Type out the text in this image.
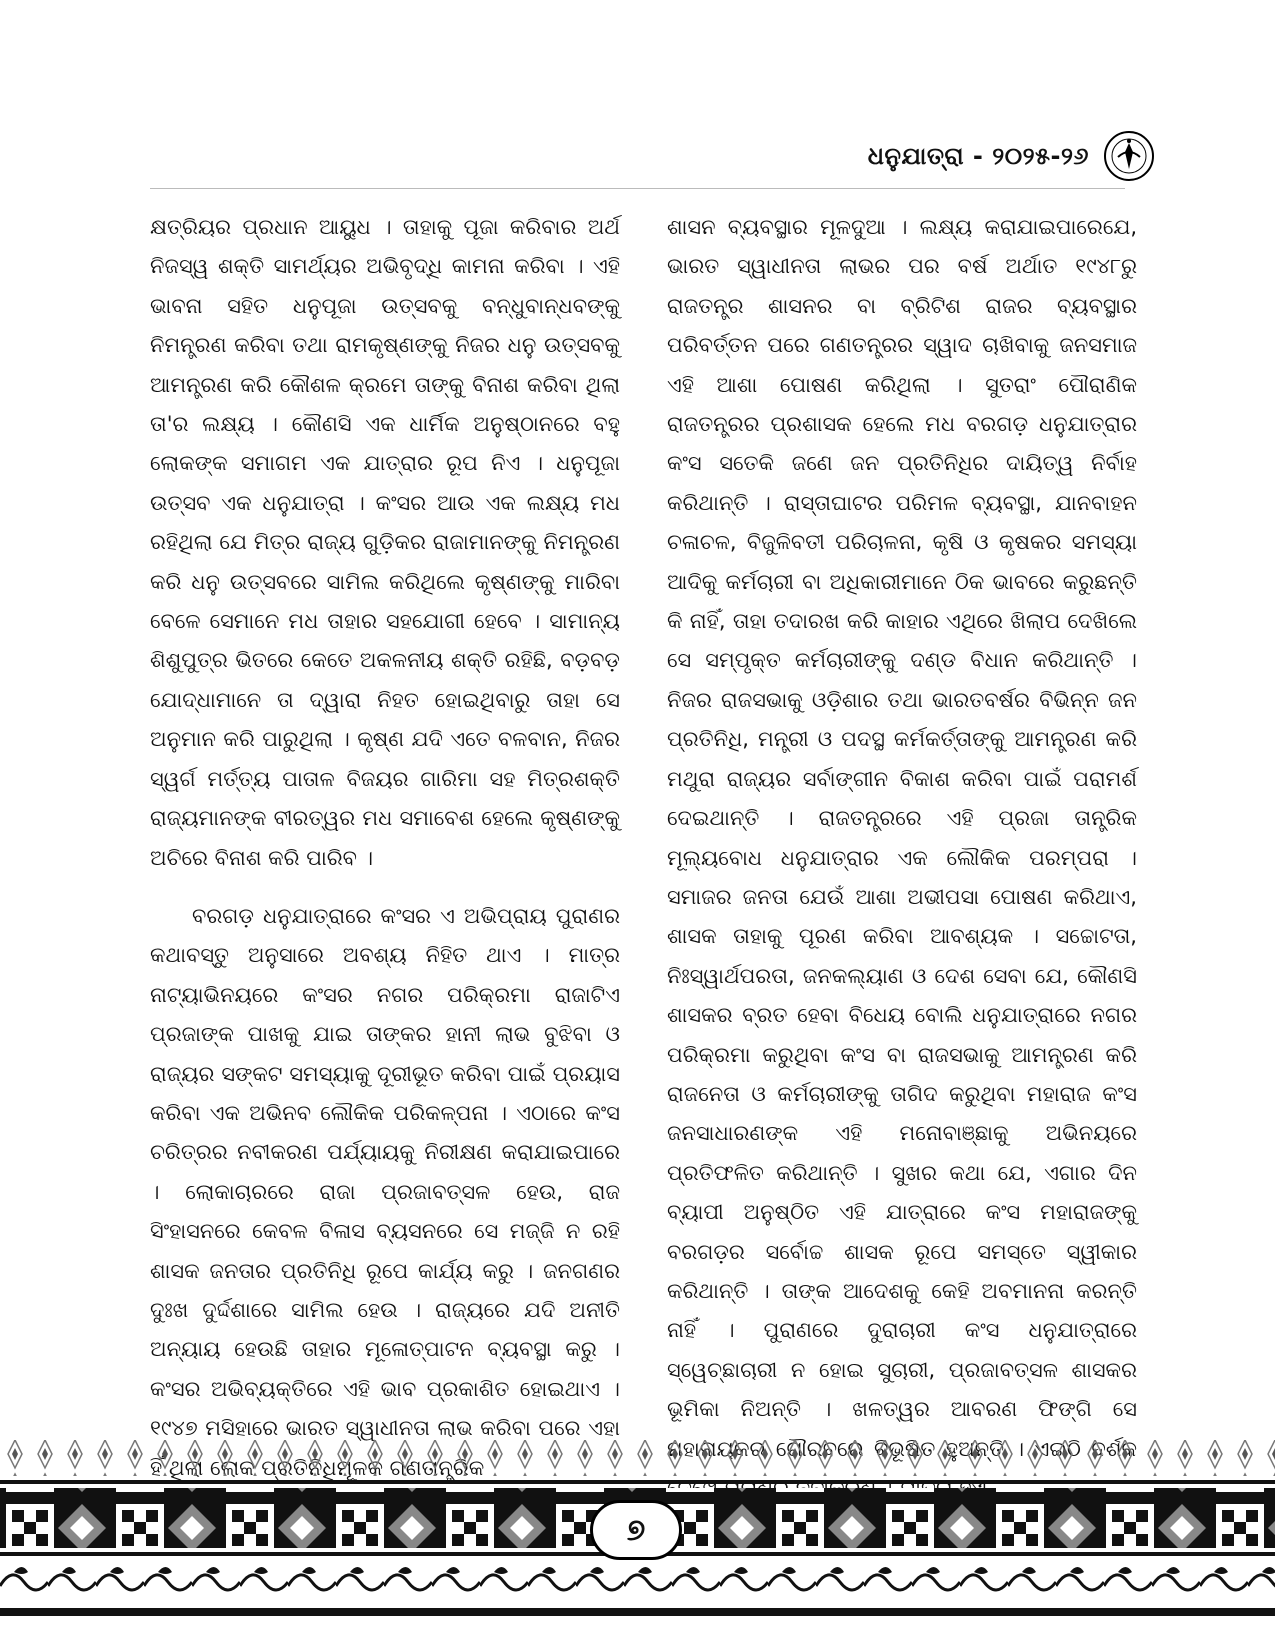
ଧନୁଯାତ୍ରା - ୨୦୨୫-୨୬

କ୍ଷତ୍ରିୟର ପ୍ରଧାନ ଆୟୁଧ । ତାହାକୁ ପୂଜା କରିବାର ଅର୍ଥ ନିଜସ୍ୱ ଶକ୍ତି ସାମର୍ଥ୍ୟର ଅଭିବୃଦ୍ଧି କାମନା କରିବା । ଏହି ଭାବନା ସହିତ ଧନୁପୂଜା ଉତ୍ସବକୁ ବନ୍ଧୁବାନ୍ଧବଙ୍କୁ ନିମନ୍ତ୍ରଣ କରିବା ତଥା ରାମକୃଷ୍ଣଙ୍କୁ ନିଜର ଧନୁ ଉତ୍ସବକୁ ଆମନ୍ତ୍ରଣ କରି କୌଶଳ କ୍ରମେ ତାଙ୍କୁ ବିନାଶ କରିବା ଥିଲା ତା'ର ଲକ୍ଷ୍ୟ । କୌଣସି ଏକ ଧାର୍ମିକ ଅନୁଷ୍ଠାନରେ ବହୁ ଲୋକଙ୍କ ସମାଗମ ଏକ ଯାତ୍ରାର ରୂପ ନିଏ । ଧନୁପୂଜା ଉତ୍ସବ ଏକ ଧନୁଯାତ୍ରା । କଂସର ଆଉ ଏକ ଲକ୍ଷ୍ୟ ମଧ ରହିଥିଲା ଯେ ମିତ୍ର ରାଜ୍ୟ ଗୁଡ଼ିକର ରାଜାମାନଙ୍କୁ ନିମନ୍ତ୍ରଣ କରି ଧନୁ ଉତ୍ସବରେ ସାମିଲ କରିଥିଲେ କୃଷ୍ଣଙ୍କୁ ମାରିବା ବେଳେ ସେମାନେ ମଧ ତାହାର ସହଯୋଗୀ ହେବେ । ସାମାନ୍ୟ ଶିଶୁପୁତ୍ର ଭିତରେ କେତେ ଅକଳନୀୟ ଶକ୍ତି ରହିଛି, ବଡ଼ବଡ଼ ଯୋଦ୍ଧାମାନେ ତା ଦ୍ୱାରା ନିହତ ହୋଇଥିବାରୁ ତାହା ସେ ଅନୁମାନ କରି ପାରୁଥିଲା । କୃଷ୍ଣ ଯଦି ଏତେ ବଳବାନ, ନିଜର ସ୍ୱର୍ଗ ମର୍ତ୍ତ୍ୟ ପାତାଳ ବିଜୟର ଗାରିମା ସହ ମିତ୍ରଶକ୍ତି ରାଜ୍ୟମାନଙ୍କ ବୀରତ୍ୱର ମଧ ସମାବେଶ ହେଲେ କୃଷ୍ଣଙ୍କୁ ଅଚିରେ ବିନାଶ କରି ପାରିବ ।

ବରଗଡ଼ ଧନୁଯାତ୍ରାରେ କଂସର ଏ ଅଭିପ୍ରାୟ ପୁରାଣର କଥାବସ୍ତୁ ଅନୁସାରେ ଅବଶ୍ୟ ନିହିତ ଥାଏ । ମାତ୍ର ନାଟ୍ୟାଭିନୟରେ କଂସର ନଗର ପରିକ୍ରମା ରାଜାଟିଏ ପ୍ରଜାଙ୍କ ପାଖକୁ ଯାଇ ତାଙ୍କର ହାନୀ ଲାଭ ବୁଝିବା ଓ ରାଜ୍ୟର ସଙ୍କଟ ସମସ୍ୟାକୁ ଦୂରୀଭୂତ କରିବା ପାଇଁ ପ୍ରୟାସ କରିବା ଏକ ଅଭିନବ ଲୌକିକ ପରିକଳ୍ପନା । ଏଠାରେ କଂସ ଚରିତ୍ରର ନବୀକରଣ ପର୍ଯ୍ୟାୟକୁ ନିରୀକ୍ଷଣ କରାଯାଇପାରେ । ଲୋକାଚାରରେ ରାଜା ପ୍ରଜାବତ୍ସଳ ହେଉ, ରାଜ ସିଂହାସନରେ କେବଳ ବିଳାସ ବ୍ୟସନରେ ସେ ମଜ୍ଜି ନ ରହି ଶାସକ ଜନତାର ପ୍ରତିନିଧି ରୂପେ କାର୍ଯ୍ୟ କରୁ । ଜନଗଣର ଦୁଃଖ ଦୁର୍ଦ୍ଦଶାରେ ସାମିଲ ହେଉ । ରାଜ୍ୟରେ ଯଦି ଅନୀତି ଅନ୍ୟାୟ ହେଉଛି ତାହାର ମୂଳୋତ୍ପାଟନ ବ୍ୟବସ୍ଥା କରୁ । କଂସର ଅଭିବ୍ୟକ୍ତିରେ ଏହି ଭାବ ପ୍ରକାଶିତ ହୋଇଥାଏ । ୧୯୪୭ ମସିହାରେ ଭାରତ ସ୍ୱାଧୀନତା ଲାଭ କରିବା ପରେ ଏହା

ଶାସନ ବ୍ୟବସ୍ଥାର ମୂଳଦୁଆ । ଲକ୍ଷ୍ୟ କରାଯାଇପାରେଯେ, ଭାରତ ସ୍ୱାଧୀନତା ଲାଭର ପର ବର୍ଷ ଅର୍ଥାତ ୧୯୪୮ରୁ ରାଜତନ୍ତ୍ର ଶାସନର ବା ବ୍ରିଟିଶ ରାଜର ବ୍ୟବସ୍ଥାର ପରିବର୍ତ୍ତନ ପରେ ଗଣତନ୍ତ୍ରର ସ୍ୱାଦ ଚାଖିବାକୁ ଜନସମାଜ ଏହି ଆଶା ପୋଷଣ କରିଥିଲା । ସୁତରାଂ ପୌରାଣିକ ରାଜତନ୍ତ୍ରର ପ୍ରଶାସକ ହେଲେ ମଧ ବରଗଡ଼ ଧନୁଯାତ୍ରାର କଂସ ସତେକି ଜଣେ ଜନ ପ୍ରତିନିଧିର ଦାୟିତ୍ୱ ନିର୍ବାହ କରିଥାନ୍ତି । ରାସ୍ତାଘାଟର ପରିମଳ ବ୍ୟବସ୍ଥା, ଯାନବାହନ ଚଳାଚଳ, ବିଜୁଳିବତୀ ପରିଚାଳନା, କୃଷି ଓ କୃଷକର ସମସ୍ୟା ଆଦିକୁ କର୍ମଚାରୀ ବା ଅଧିକାରୀମାନେ ଠିକ ଭାବରେ କରୁଛନ୍ତି କି ନାହିଁ, ତାହା ତଦାରଖ କରି କାହାର ଏଥିରେ ଖିଲାପ ଦେଖିଲେ ସେ ସମ୍ପୃକ୍ତ କର୍ମଚାରୀଙ୍କୁ ଦଣ୍ଡ ବିଧାନ କରିଥାନ୍ତି । ନିଜର ରାଜସଭାକୁ ଓଡ଼ିଶାର ତଥା ଭାରତବର୍ଷର ବିଭିନ୍ନ ଜନ ପ୍ରତିନିଧି, ମନ୍ତ୍ରୀ ଓ ପଦସ୍ଥ କର୍ମକର୍ତ୍ତାଙ୍କୁ ଆମନ୍ତ୍ରଣ କରି ମଥୁରା ରାଜ୍ୟର ସର୍ବାଙ୍ଗୀନ ବିକାଶ କରିବା ପାଇଁ ପରାମର୍ଶ ଦେଇଥାନ୍ତି । ରାଜତନ୍ତ୍ରରେ ଏହି ପ୍ରଜା ତାନ୍ତ୍ରିକ ମୂଲ୍ୟବୋଧ ଧନୁଯାତ୍ରାର ଏକ ଲୌକିକ ପରମ୍ପରା । ସମାଜର ଜନତା ଯେଉଁ ଆଶା ଅଭୀପସା ପୋଷଣ କରିଥାଏ, ଶାସକ ତାହାକୁ ପୂରଣ କରିବା ଆବଶ୍ୟକ । ସଚ୍ଚୋଟତା, ନିଃସ୍ୱାର୍ଥପରତା, ଜନକଲ୍ୟାଣ ଓ ଦେଶ ସେବା ଯେ, କୌଣସି ଶାସକର ବ୍ରତ ହେବା ବିଧେୟ ବୋଲି ଧନୁଯାତ୍ରାରେ ନଗର ପରିକ୍ରମା କରୁଥିବା କଂସ ବା ରାଜସଭାକୁ ଆମନ୍ତ୍ରଣ କରି ରାଜନେତା ଓ କର୍ମଚାରୀଙ୍କୁ ତାଗିଦ କରୁଥିବା ମହାରାଜ କଂସ ଜନସାଧାରଣଙ୍କ ଏହି ମନୋବାଞ୍ଛାକୁ ଅଭିନୟରେ ପ୍ରତିଫଳିତ କରିଥାନ୍ତି । ସୁଖର କଥା ଯେ, ଏଗାର ଦିନ ବ୍ୟାପୀ ଅନୁଷ୍ଠିତ ଏହି ଯାତ୍ରାରେ କଂସ ମହାରାଜଙ୍କୁ ବରଗଡ଼ର ସର୍ବୋଚ୍ଚ ଶାସକ ରୂପେ ସମସ୍ତେ ସ୍ୱୀକାର କରିଥାନ୍ତି । ତାଙ୍କ ଆଦେଶକୁ କେହି ଅବମାନନା କରନ୍ତି ନାହିଁ । ପୁରାଣରେ ଦୁରାଚାରୀ କଂସ ଧନୁଯାତ୍ରାରେ ସ୍ୱେଚ୍ଛାଚାରୀ ନ ହୋଇ ସୁଚାରୀ, ପ୍ରଜାବତ୍ସଳ ଶାସକର ଭୂମିକା ନିଅନ୍ତି । ଖଳତ୍ୱର ଆବରଣ ଫିଙ୍ଗି ସେ

୭
